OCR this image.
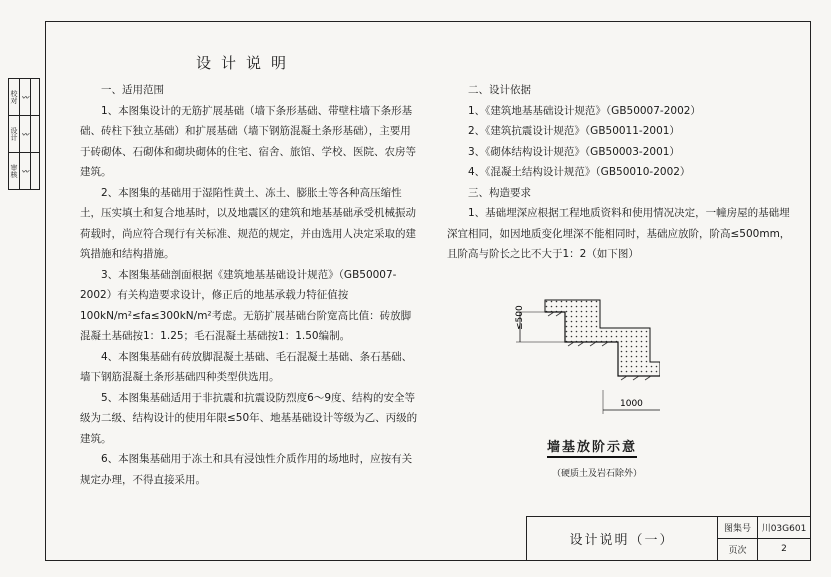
校对
设计
审核
〰
〰
〰
设计说明

一、适用范围

1、本图集设计的无筋扩展基础（墙下条形基础、带壁柱墙下条形基础、砖柱下独立基础）和扩展基础（墙下钢筋混凝土条形基础），主要用于砖砌体、石砌体和砌块砌体的住宅、宿舍、旅馆、学校、医院、农房等建筑。

2、本图集的基础用于湿陷性黄土、冻土、膨胀土等各种高压缩性土，压实填土和复合地基时，以及地震区的建筑和地基基础承受机械振动荷载时，尚应符合现行有关标准、规范的规定，并由选用人决定采取的建筑措施和结构措施。

3、本图集基础剖面根据《建筑地基基础设计规范》（GB50007-2002）有关构造要求设计，修正后的地基承载力特征值按100kN/m²≤fa≤300kN/m²考虑。无筋扩展基础台阶宽高比值：砖放脚混凝土基础按1：1.25；毛石混凝土基础按1：1.50编制。

4、本图集基础有砖放脚混凝土基础、毛石混凝土基础、条石基础、墙下钢筋混凝土条形基础四种类型供选用。

5、本图集基础适用于非抗震和抗震设防烈度6～9度、结构的安全等级为二级、结构设计的使用年限≤50年、地基基础设计等级为乙、丙级的建筑。

6、本图集基础用于冻土和具有浸蚀性介质作用的场地时，应按有关规定办理，不得直接采用。

二、设计依据

1、《建筑地基基础设计规范》（GB50007-2002）

2、《建筑抗震设计规范》（GB50011-2001）

3、《砌体结构设计规范》（GB50003-2001）

4、《混凝土结构设计规范》（GB50010-2002）

三、构造要求

1、基础埋深应根据工程地质资料和使用情况决定，一幢房屋的基础埋深宜相同，如因地质变化埋深不能相同时，基础应放阶，阶高≤500mm，且阶高与阶长之比不大于1：2（如下图）

≤500
1000
墙基放阶示意
（硬质土及岩石除外）
设计说明（一）
图集号	川03G601
页次	2
